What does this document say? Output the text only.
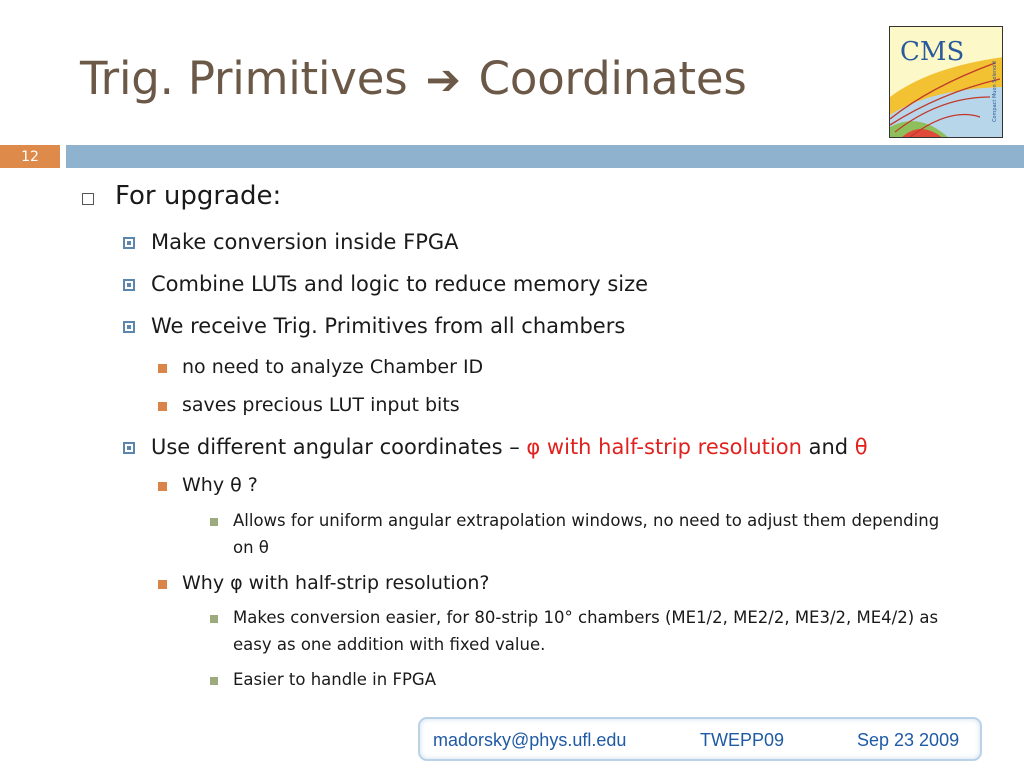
Trig. Primitives ➔ Coordinates	CMS
Compact Muon Solenoid
12
For upgrade:
Make conversion inside FPGA
Combine LUTs and logic to reduce memory size
We receive Trig. Primitives from all chambers
no need to analyze Chamber ID
saves precious LUT input bits
Use different angular coordinates – φ with half-strip resolution and θ
Why θ ?
Allows for uniform angular extrapolation windows, no need to adjust them depending on θ
Why φ with half-strip resolution?
Makes conversion easier, for 80-strip 10° chambers (ME1/2, ME2/2, ME3/2, ME4/2) as easy as one addition with fixed value.
Easier to handle in FPGA
madorsky@phys.ufl.edu	TWEPP09	Sep 23 2009
